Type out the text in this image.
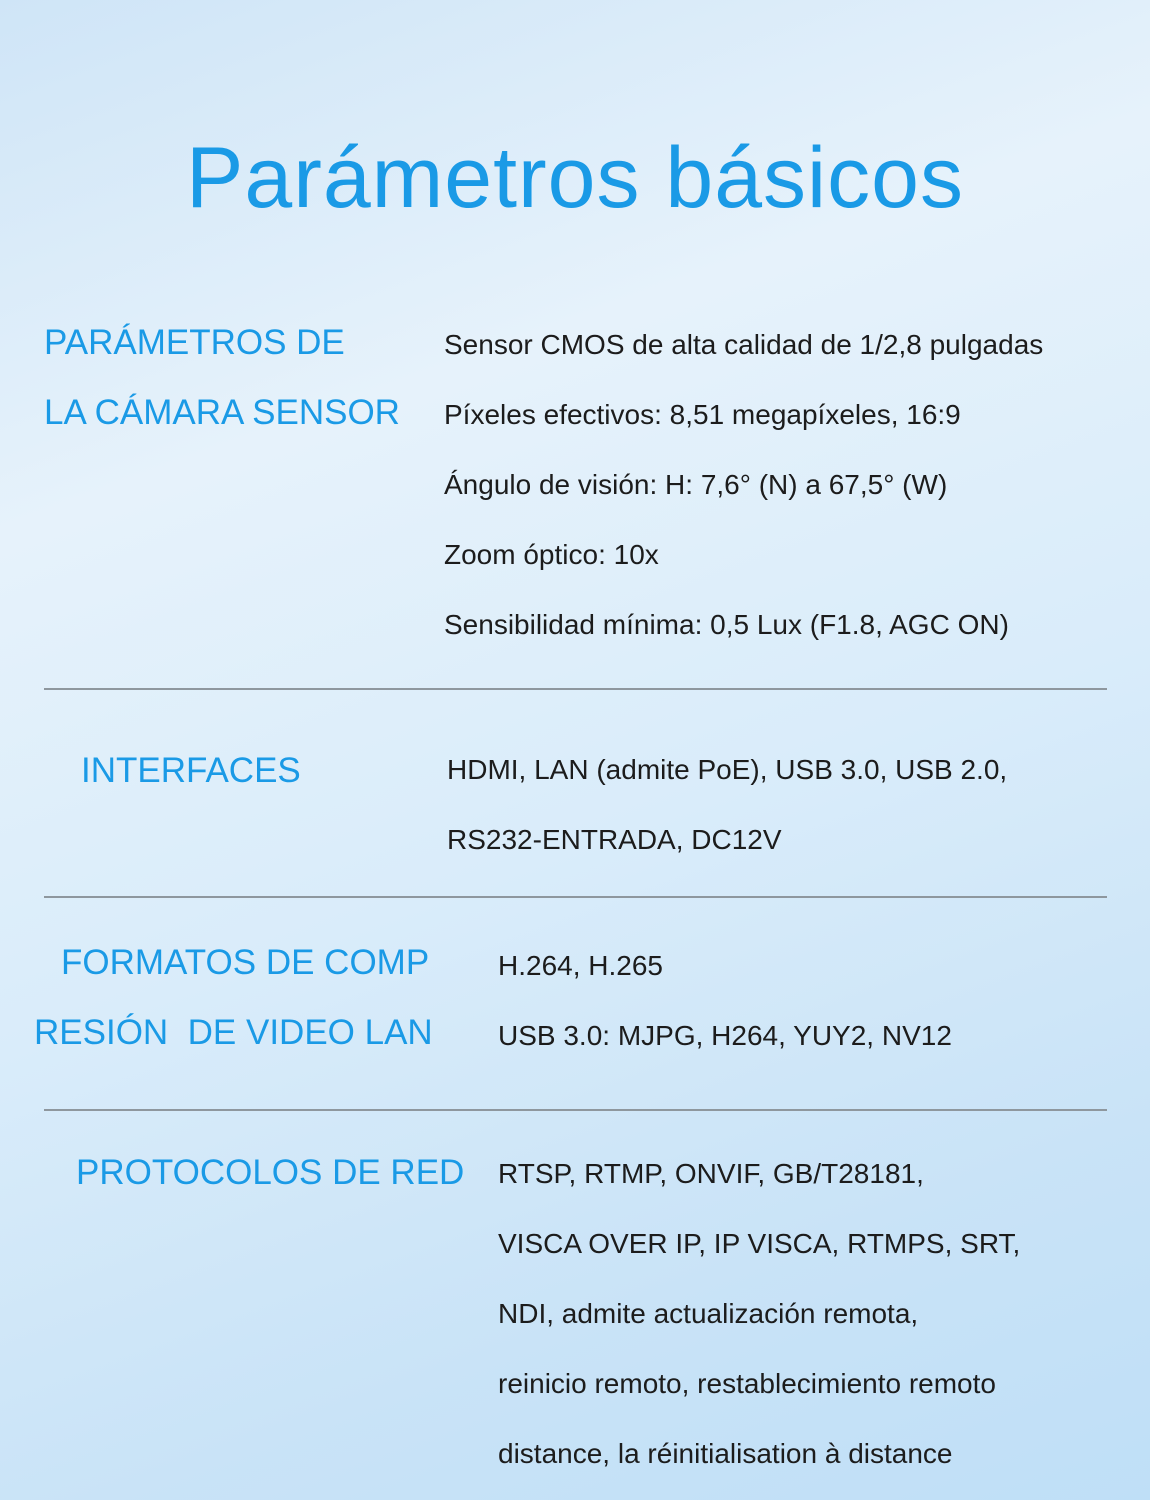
Parámetros básicos
PARÁMETROS DE
LA CÁMARA SENSOR
Sensor CMOS de alta calidad de 1/2,8 pulgadas
Píxeles efectivos: 8,51 megapíxeles, 16:9
Ángulo de visión: H: 7,6° (N) a 67,5° (W)
Zoom óptico: 10x
Sensibilidad mínima: 0,5 Lux (F1.8, AGC ON)
INTERFACES	HDMI, LAN (admite PoE), USB 3.0, USB 2.0,
RS232-ENTRADA, DC12V
FORMATOS DE COMP
RESIÓN  DE VIDEO LAN
H.264, H.265
USB 3.0: MJPG, H264, YUY2, NV12
PROTOCOLOS DE RED RTSP, RTMP, ONVIF, GB/T28181,
VISCA OVER IP, IP VISCA, RTMPS, SRT,
NDI, admite actualización remota,
reinicio remoto, restablecimiento remoto
distance, la réinitialisation à distance
